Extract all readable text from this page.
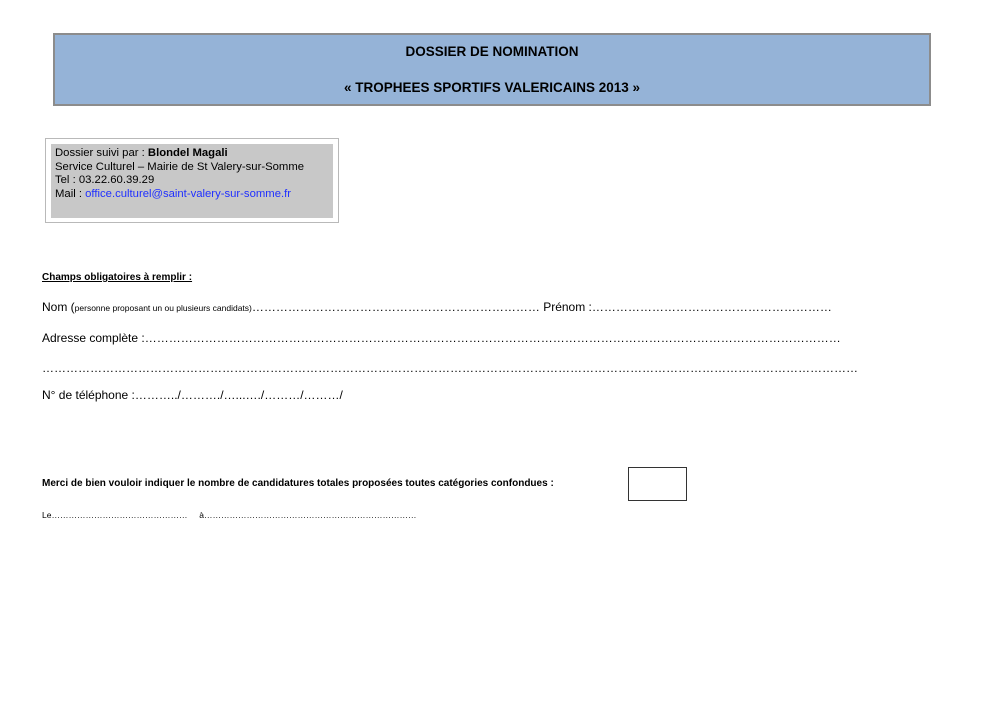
DOSSIER DE NOMINATION
« TROPHEES SPORTIFS VALERICAINS 2013 »
Dossier suivi par : Blondel Magali
Service Culturel – Mairie de St Valery-sur-Somme
Tel : 03.22.60.39.29
Mail : office.culturel@saint-valery-sur-somme.fr
Champs obligatoires à remplir :
Nom (personne proposant un ou plusieurs candidats)……………………………………………………………… Prénom :……………………………………………………
Adresse complète :…………………………………………………………………………………………………………………………………………………………
……………………………………………………………………………………………………………………………………………………………………………………
N° de téléphone :………../………./…...…./………/………/
Merci de bien vouloir indiquer le nombre de candidatures totales proposées toutes catégories confondues :
Le………………………………………… à…………………………………………………………………
